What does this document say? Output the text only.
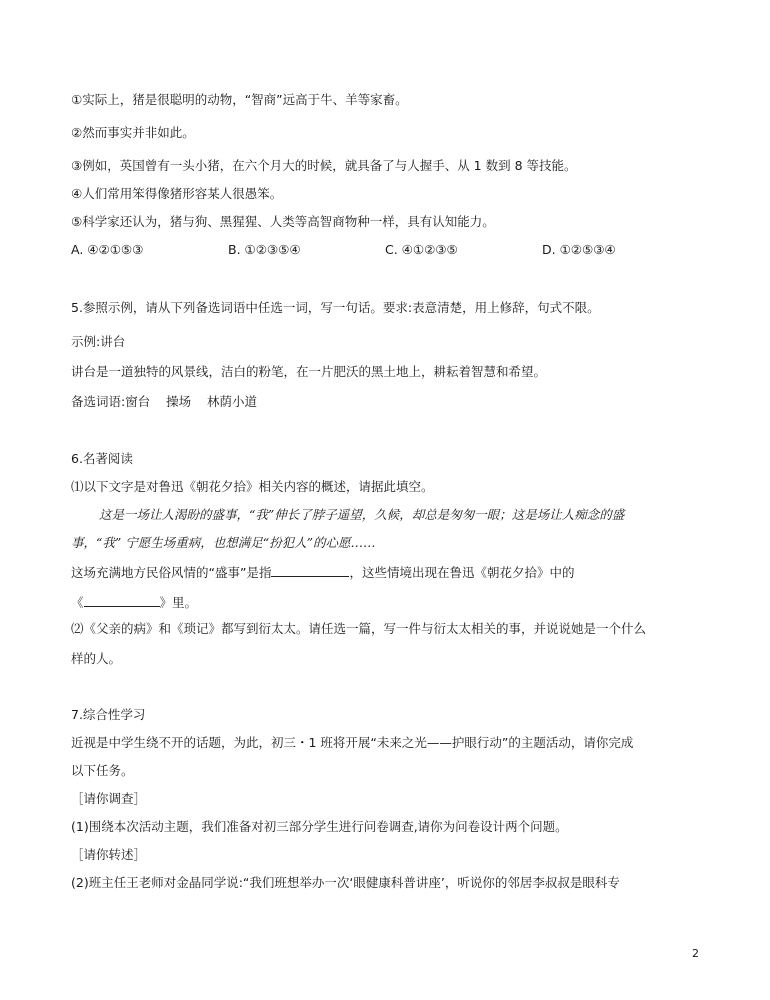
①实际上，猪是很聪明的动物，“智商”远高于牛、羊等家畜。
②然而事实并非如此。
③例如，英国曾有一头小猪，在六个月大的时候，就具备了与人握手、从 1 数到 8 等技能。
④人们常用笨得像猪形容某人很愚笨。
⑤科学家还认为，猪与狗、黑猩猩、人类等高智商物种一样，具有认知能力。
A. ④②①⑤③	B. ①②③⑤④	C. ④①②③⑤	D. ①②⑤③④
5.参照示例，请从下列备选词语中任选一词，写一句话。要求:表意清楚，用上修辞，句式不限。
示例:讲台
讲台是一道独特的风景线，洁白的粉笔，在一片肥沃的黑土地上，耕耘着智慧和希望。
备选词语:窗台    操场    林荫小道
6.名著阅读
⑴以下文字是对鲁迅《朝花夕拾》相关内容的概述，请据此填空。
这是一场让人渴盼的盛事，“我”伸长了脖子遥望，久候，却总是匆匆一眼；这是场让人痴念的盛
事，“我” 宁愿生场重病，也想满足“扮犯人”的心愿……
这场充满地方民俗风情的“盛事”是指	，这些情境出现在鲁迅《朝花夕拾》中的
《	》里。
⑵《父亲的病》和《琐记》都写到衍太太。请任选一篇，写一件与衍太太相关的事，并说说她是一个什么
样的人。
7.综合性学习
近视是中学生绕不开的话题，为此，初三・1 班将开展“未来之光——护眼行动”的主题活动，请你完成
以下任务。
［请你调查］
(1)围绕本次活动主题，我们准备对初三部分学生进行问卷调查,请你为问卷设计两个问题。
［请你转述］
(2)班主任王老师对金晶同学说:“我们班想举办一次‘眼健康科普讲座’，听说你的邻居李叔叔是眼科专
2
